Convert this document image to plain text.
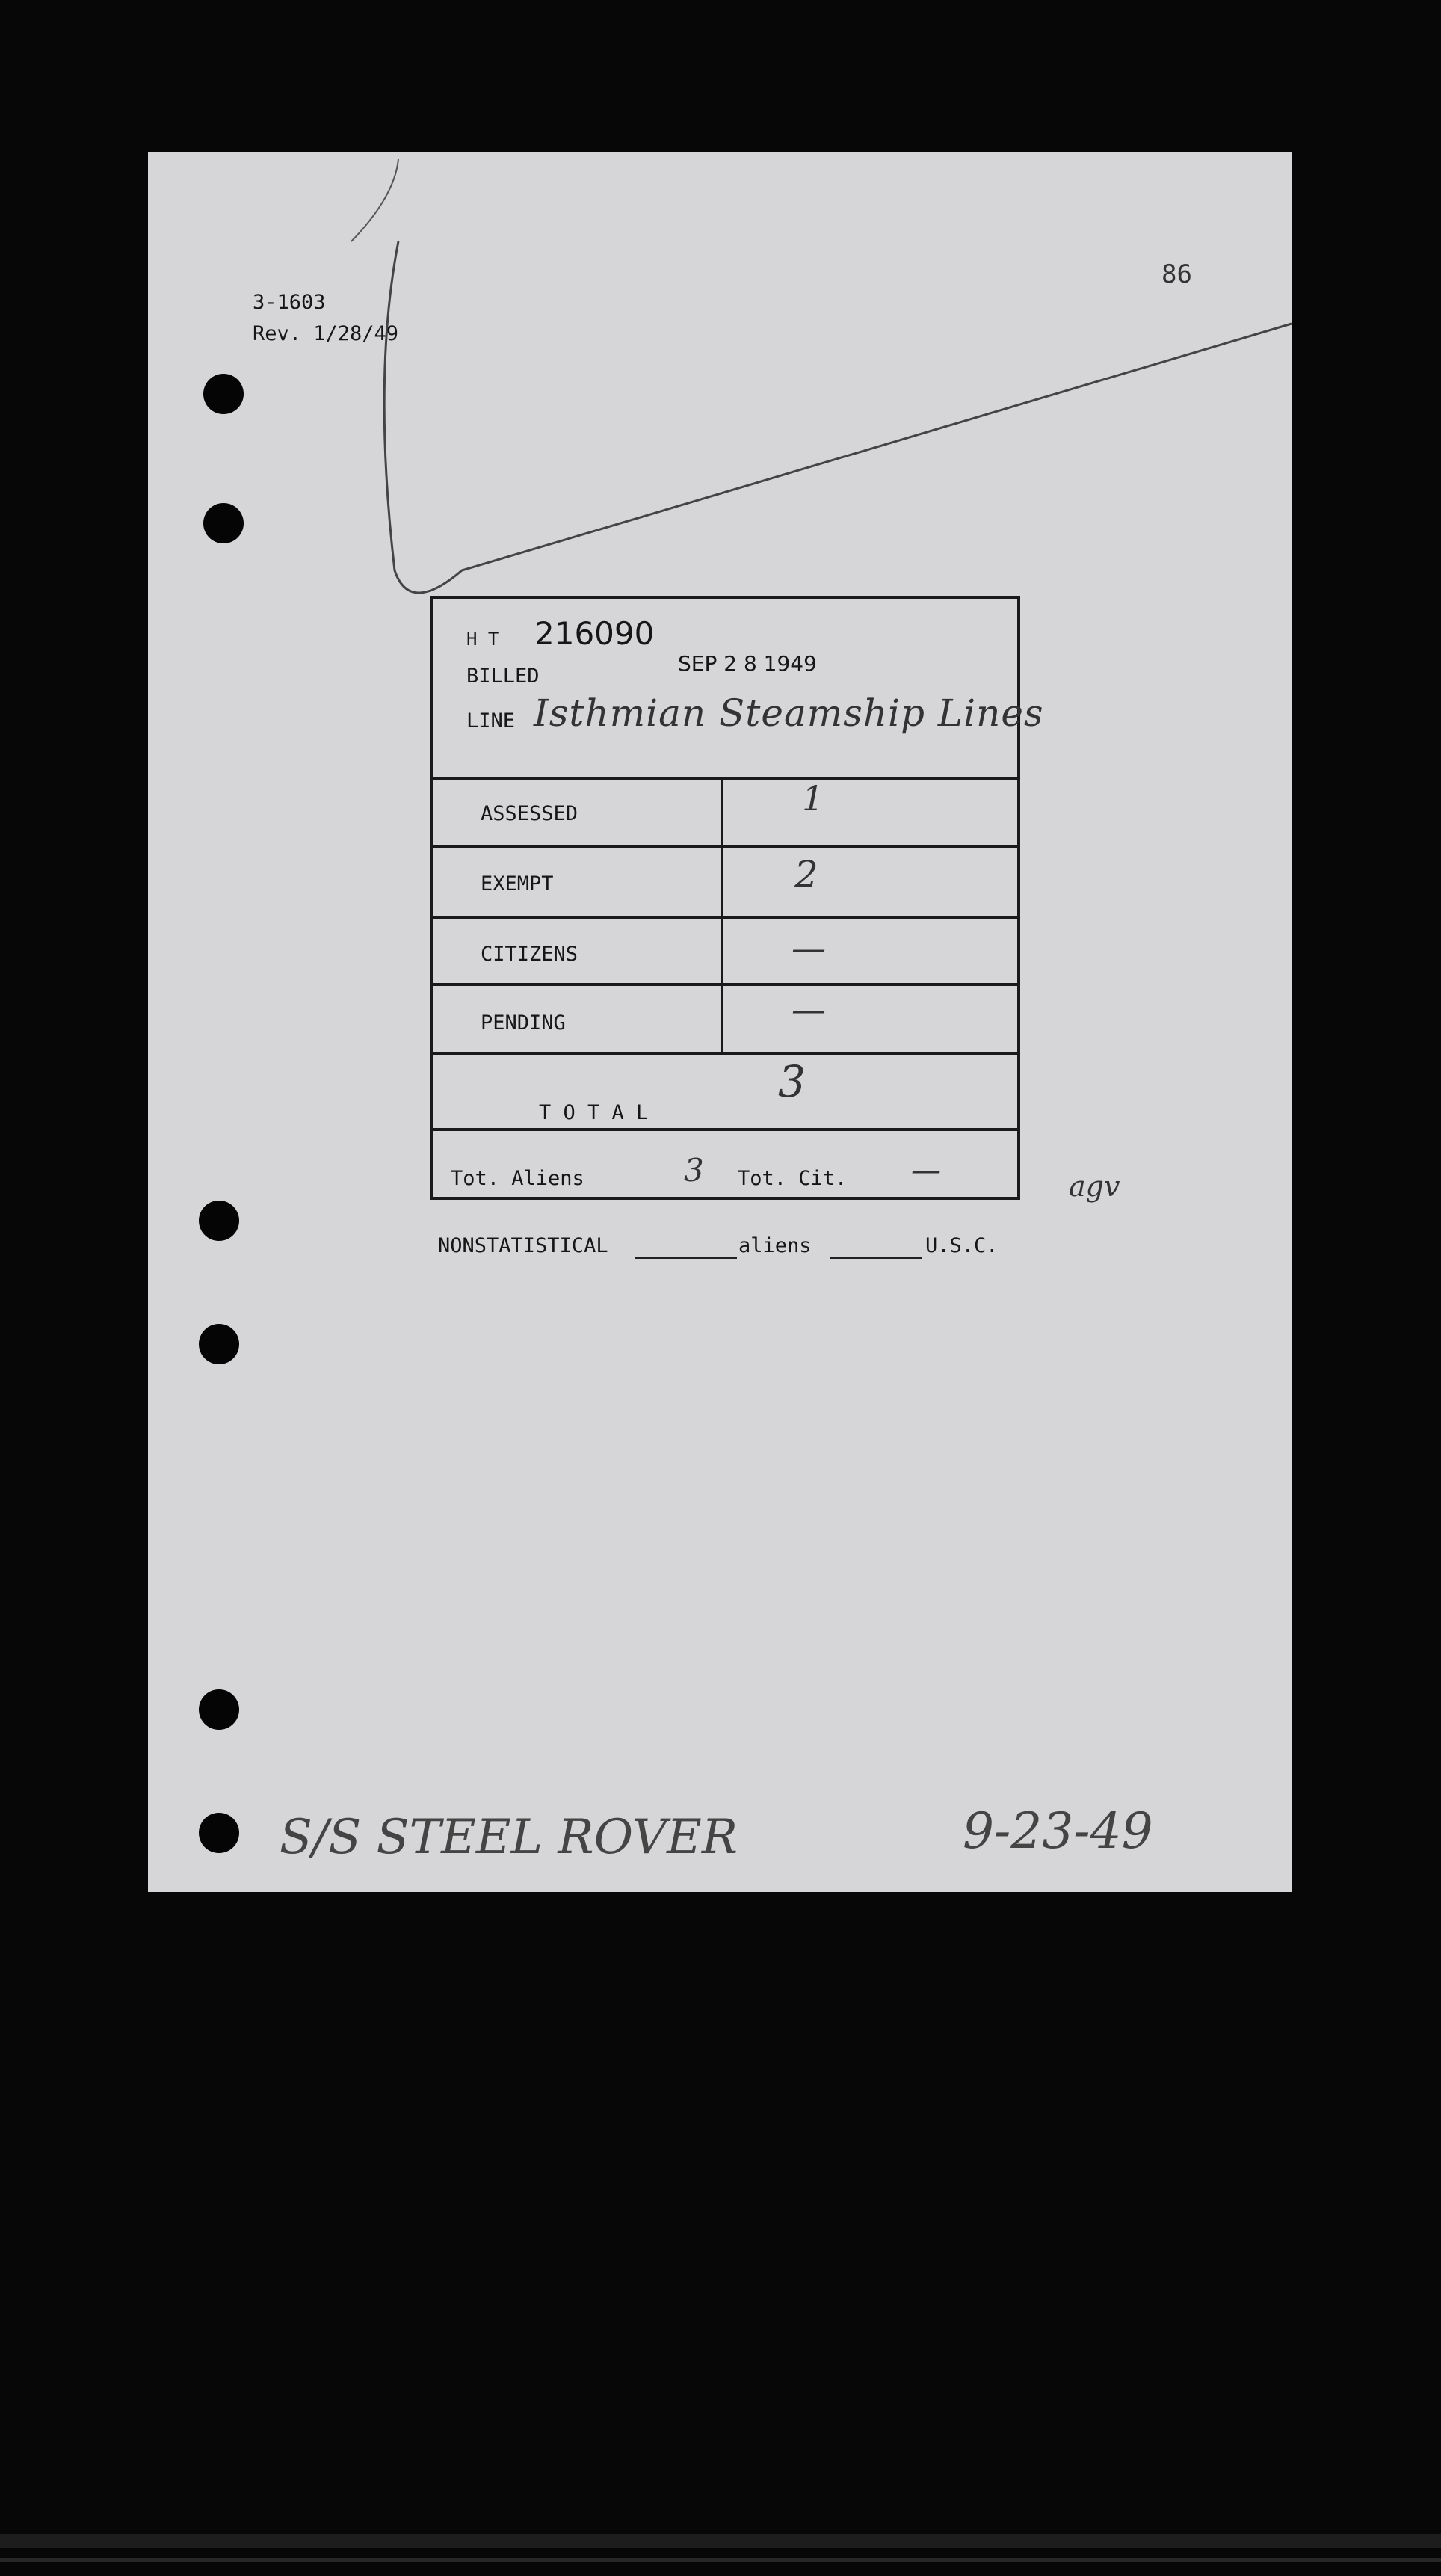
3-1603
Rev. 1/28/49
86
H T 216090
SEP 2 8 1949
BILLED
LINE Isthmian Steamship Lines
ASSESSED	1
EXEMPT	2
CITIZENS	—
PENDING	—
T O T A L
3
Tot. Aliens	3 Tot. Cit. —	agv
NONSTATISTICAL	aliens	U.S.C.
S/S STEEL ROVER	9-23-49
